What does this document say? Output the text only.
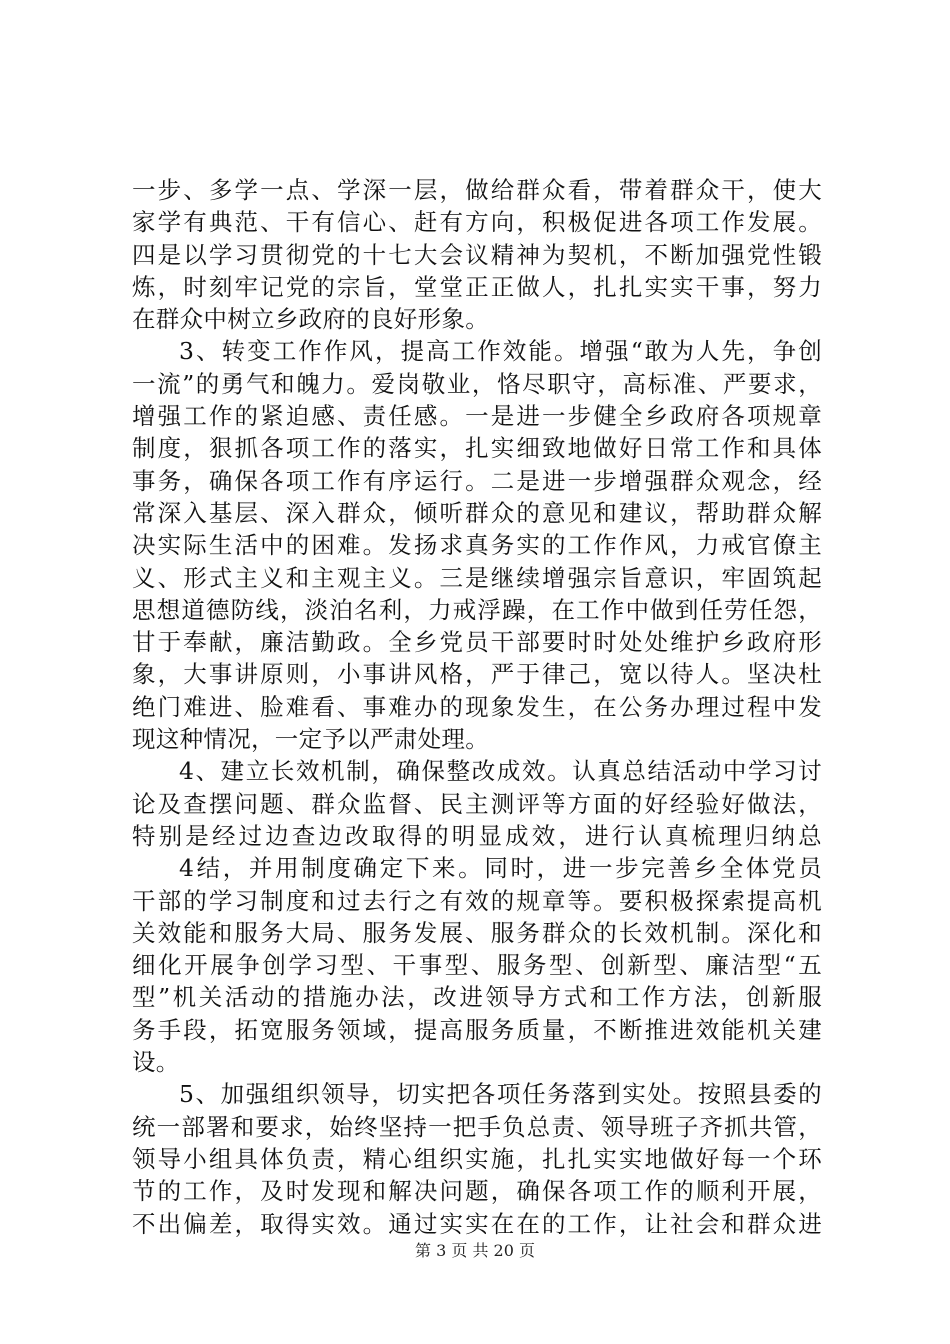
一步、多学一点、学深一层，做给群众看，带着群众干，使大
家学有典范、干有信心、赶有方向，积极促进各项工作发展。
四是以学习贯彻党的十七大会议精神为契机，不断加强党性锻
炼，时刻牢记党的宗旨，堂堂正正做人，扎扎实实干事，努力
在群众中树立乡政府的良好形象。
3、转变工作作风，提高工作效能。增强“敢为人先，争创
一流”的勇气和魄力。爱岗敬业，恪尽职守，高标准、严要求，
增强工作的紧迫感、责任感。一是进一步健全乡政府各项规章
制度，狠抓各项工作的落实，扎实细致地做好日常工作和具体
事务，确保各项工作有序运行。二是进一步增强群众观念，经
常深入基层、深入群众，倾听群众的意见和建议，帮助群众解
决实际生活中的困难。发扬求真务实的工作作风，力戒官僚主
义、形式主义和主观主义。三是继续增强宗旨意识，牢固筑起
思想道德防线，淡泊名利，力戒浮躁，在工作中做到任劳任怨，
甘于奉献，廉洁勤政。全乡党员干部要时时处处维护乡政府形
象，大事讲原则，小事讲风格，严于律己，宽以待人。坚决杜
绝门难进、脸难看、事难办的现象发生，在公务办理过程中发
现这种情况，一定予以严肃处理。
4、建立长效机制，确保整改成效。认真总结活动中学习讨
论及查摆问题、群众监督、民主测评等方面的好经验好做法，
特别是经过边查边改取得的明显成效，进行认真梳理归纳总
4结，并用制度确定下来。同时，进一步完善乡全体党员
干部的学习制度和过去行之有效的规章等。要积极探索提高机
关效能和服务大局、服务发展、服务群众的长效机制。深化和
细化开展争创学习型、干事型、服务型、创新型、廉洁型“五
型”机关活动的措施办法，改进领导方式和工作方法，创新服
务手段，拓宽服务领域，提高服务质量，不断推进效能机关建
设。
5、加强组织领导，切实把各项任务落到实处。按照县委的
统一部署和要求，始终坚持一把手负总责、领导班子齐抓共管，
领导小组具体负责，精心组织实施，扎扎实实地做好每一个环
节的工作，及时发现和解决问题，确保各项工作的顺利开展，
不出偏差，取得实效。通过实实在在的工作，让社会和群众进
第 3 页 共 20 页
